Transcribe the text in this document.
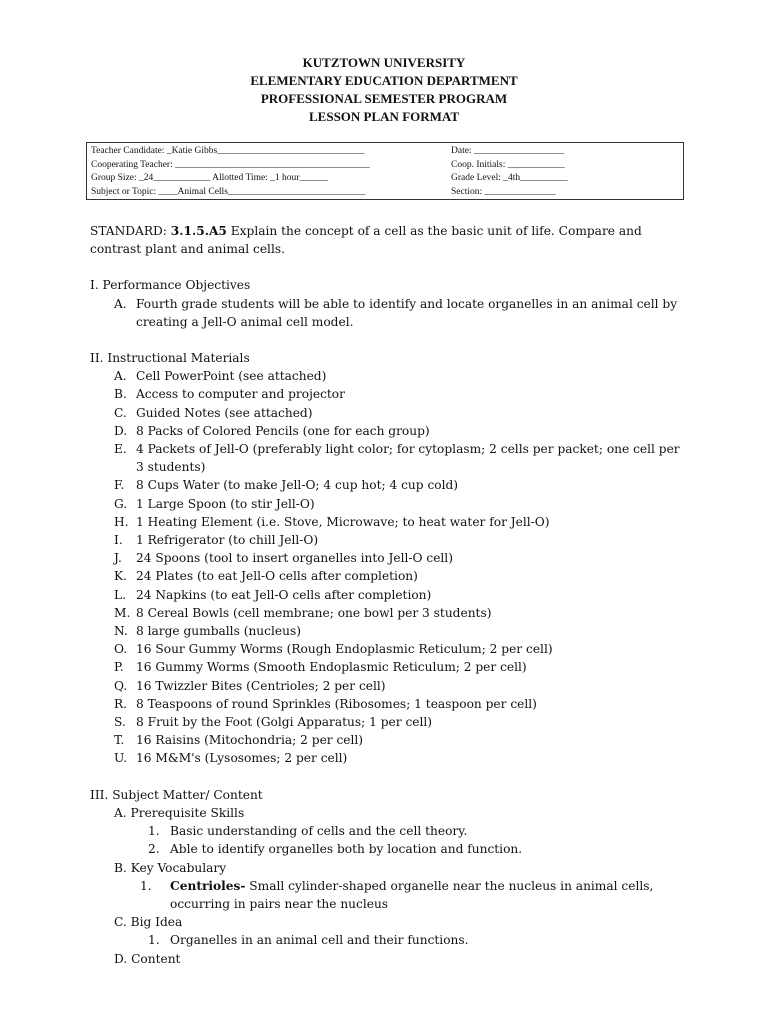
KUTZTOWN UNIVERSITY
ELEMENTARY EDUCATION DEPARTMENT
PROFESSIONAL SEMESTER PROGRAM
LESSON PLAN FORMAT
Teacher Candidate: _Katie Gibbs_______________________________	Date: ___________________
Cooperating Teacher: _________________________________________	Coop. Initials: ____________
Group Size: _24____________ Allotted Time: _1 hour______	Grade Level: _4th__________
Subject or Topic: ____Animal Cells_____________________________	Section: _______________
STANDARD: 3.1.5.A5 Explain the concept of a cell as the basic unit of life. Compare and contrast plant and animal cells.
I. Performance Objectives
A. Fourth grade students will be able to identify and locate organelles in an animal cell by creating a Jell-O animal cell model.
II. Instructional Materials
A. Cell PowerPoint (see attached)
B. Access to computer and projector
C. Guided Notes (see attached)
D. 8 Packs of Colored Pencils (one for each group)
E. 4 Packets of Jell-O (preferably light color; for cytoplasm; 2 cells per packet; one cell per 3 students)
F. 8 Cups Water (to make Jell-O; 4 cup hot; 4 cup cold)
G. 1 Large Spoon (to stir Jell-O)
H. 1 Heating Element (i.e. Stove, Microwave; to heat water for Jell-O)
I.	1 Refrigerator (to chill Jell-O)
J.	24 Spoons (tool to insert organelles into Jell-O cell)
K. 24 Plates (to eat Jell-O cells after completion)
L. 24 Napkins (to eat Jell-O cells after completion)
M. 8 Cereal Bowls (cell membrane; one bowl per 3 students)
N. 8 large gumballs (nucleus)
O. 16 Sour Gummy Worms (Rough Endoplasmic Reticulum; 2 per cell)
P.	16 Gummy Worms (Smooth Endoplasmic Reticulum; 2 per cell)
Q. 16 Twizzler Bites (Centrioles; 2 per cell)
R. 8 Teaspoons of round Sprinkles (Ribosomes; 1 teaspoon per cell)
S. 8 Fruit by the Foot (Golgi Apparatus; 1 per cell)
T. 16 Raisins (Mitochondria; 2 per cell)
U. 16 M&M's (Lysosomes; 2 per cell)
III. Subject Matter/ Content
A. Prerequisite Skills
1. Basic understanding of cells and the cell theory.
2. Able to identify organelles both by location and function.
B. Key Vocabulary
1.	Centrioles- Small cylinder-shaped organelle near the nucleus in animal cells, occurring in pairs near the nucleus
C. Big Idea
1. Organelles in an animal cell and their functions.
D. Content
